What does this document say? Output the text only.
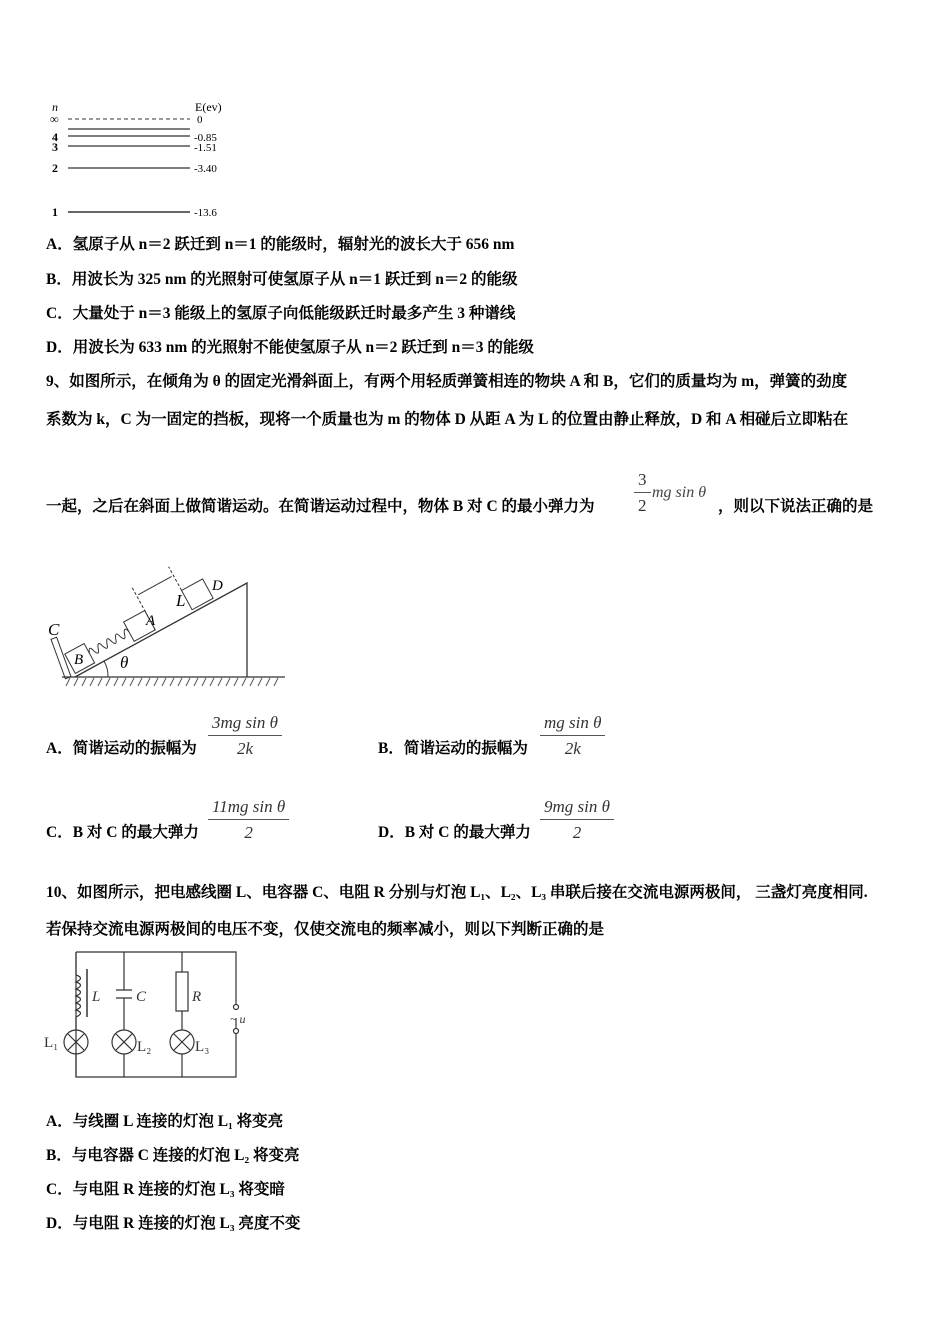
n	E(ev)
∞	0
4	-0.85
3	-1.51
2	-3.40
1	-13.6
A．氢原子从 n＝2 跃迁到 n＝1 的能级时，辐射光的波长大于 656 nm
B．用波长为 325 nm 的光照射可使氢原子从 n＝1 跃迁到 n＝2 的能级
C．大量处于 n＝3 能级上的氢原子向低能级跃迁时最多产生 3 种谱线
D．用波长为 633 nm 的光照射不能使氢原子从 n＝2 跃迁到 n＝3 的能级
9、如图所示，在倾角为 θ 的固定光滑斜面上，有两个用轻质弹簧相连的物块 A 和 B，它们的质量均为 m，弹簧的劲度
系数为 k，C 为一固定的挡板，现将一个质量也为 m 的物体 D 从距 A 为 L 的位置由静止释放，D 和 A 相碰后立即粘在
一起，之后在斜面上做简谐运动。在简谐运动过程中，物体 B 对 C 的最小弹力为 $\frac{3}{2}$ mg sin θ
，则以下说法正确的是
C
B
A
D
L
θ
A．简谐运动的振幅为 $\frac{\text{3mg sin θ}}{2k}$	B．简谐运动的振幅为 $\frac{\text{mg sin θ}}{2k}$
C．B 对 C 的最大弹力 $\frac{\text{11mg sin θ}}{2}$	D．B 对 C 的最大弹力 $\frac{\text{9mg sin θ}}{2}$
10、如图所示，把电感线圈 L、电容器 C、电阻 R 分别与灯泡 L₁、L₂、L₃ 串联后接在交流电源两极间， 三盏灯亮度相同.
若保持交流电源两极间的电压不变，仅使交流电的频率减小，则以下判断正确的是
L C	R
~ u
L₁	L₂	L₃
A．与线圈 L 连接的灯泡 L₁ 将变亮
B．与电容器 C 连接的灯泡 L₂ 将变亮
C．与电阻 R 连接的灯泡 L₃ 将变暗
D．与电阻 R 连接的灯泡 L₃ 亮度不变
